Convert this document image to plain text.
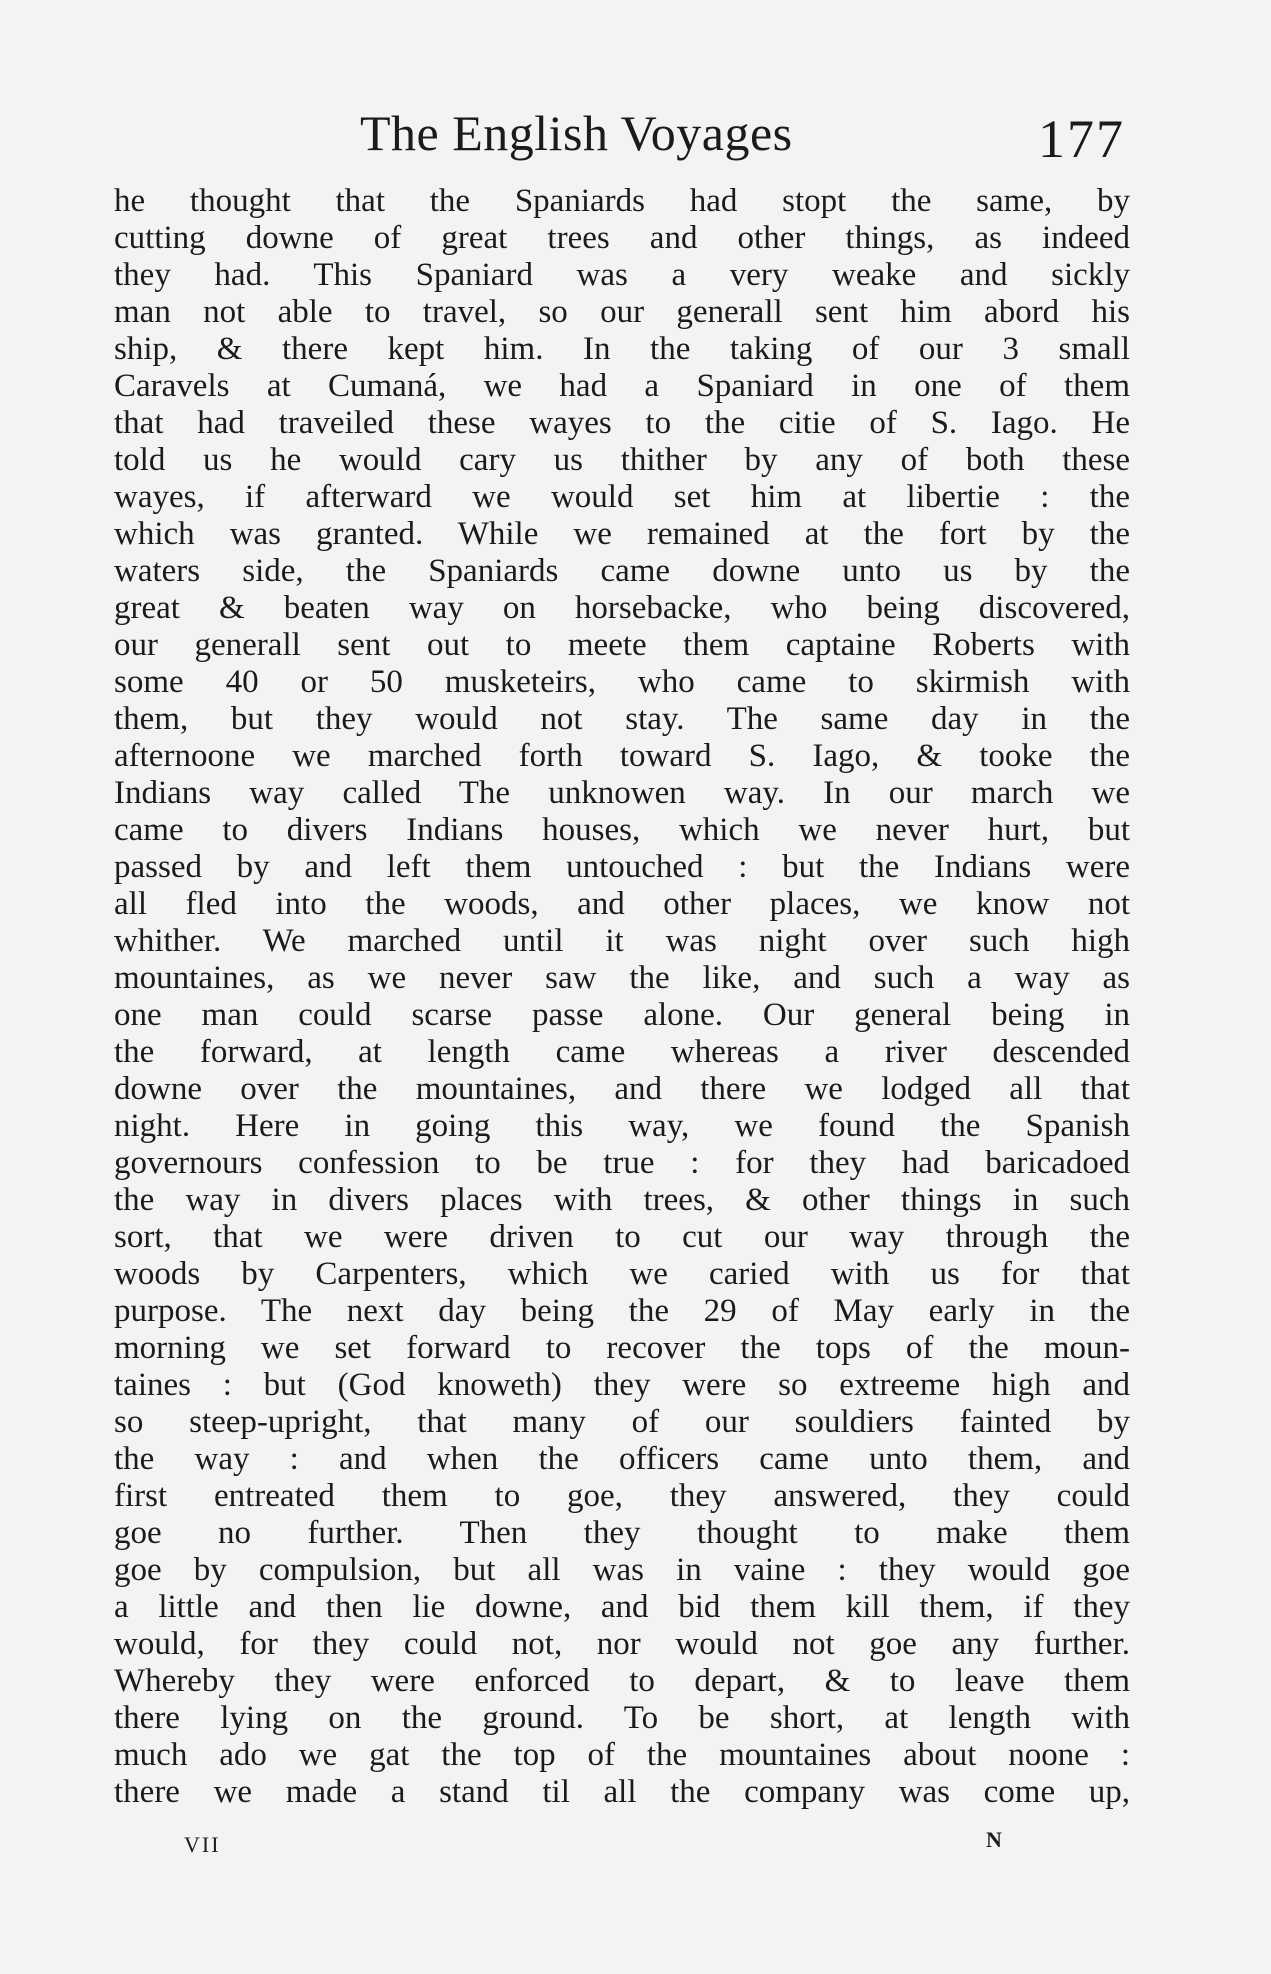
The English Voyages	177
he thought that the Spaniards had stopt the same, by
cutting downe of great trees and other things, as indeed
they had. This Spaniard was a very weake and sickly
man not able to travel, so our generall sent him abord his
ship, & there kept him. In the taking of our 3 small
Caravels at Cumaná, we had a Spaniard in one of them
that had traveiled these wayes to the citie of S. Iago. He
told us he would cary us thither by any of both these
wayes, if afterward we would set him at libertie : the
which was granted. While we remained at the fort by the
waters side, the Spaniards came downe unto us by the
great & beaten way on horsebacke, who being discovered,
our generall sent out to meete them captaine Roberts with
some 40 or 50 musketeirs, who came to skirmish with
them, but they would not stay. The same day in the
afternoone we marched forth toward S. Iago, & tooke the
Indians way called The unknowen way. In our march we
came to divers Indians houses, which we never hurt, but
passed by and left them untouched : but the Indians were
all fled into the woods, and other places, we know not
whither. We marched until it was night over such high
mountaines, as we never saw the like, and such a way as
one man could scarse passe alone. Our general being in
the forward, at length came whereas a river descended
downe over the mountaines, and there we lodged all that
night. Here in going this way, we found the Spanish
governours confession to be true : for they had baricadoed
the way in divers places with trees, & other things in such
sort, that we were driven to cut our way through the
woods by Carpenters, which we caried with us for that
purpose. The next day being the 29 of May early in the
morning we set forward to recover the tops of the moun-
taines : but (God knoweth) they were so extreeme high and
so steep-upright, that many of our souldiers fainted by
the way : and when the officers came unto them, and
first entreated them to goe, they answered, they could
goe no further. Then they thought to make them
goe by compulsion, but all was in vaine : they would goe
a little and then lie downe, and bid them kill them, if they
would, for they could not, nor would not goe any further.
Whereby they were enforced to depart, & to leave them
there lying on the ground. To be short, at length with
much ado we gat the top of the mountaines about noone :
there we made a stand til all the company was come up,
VII	N
